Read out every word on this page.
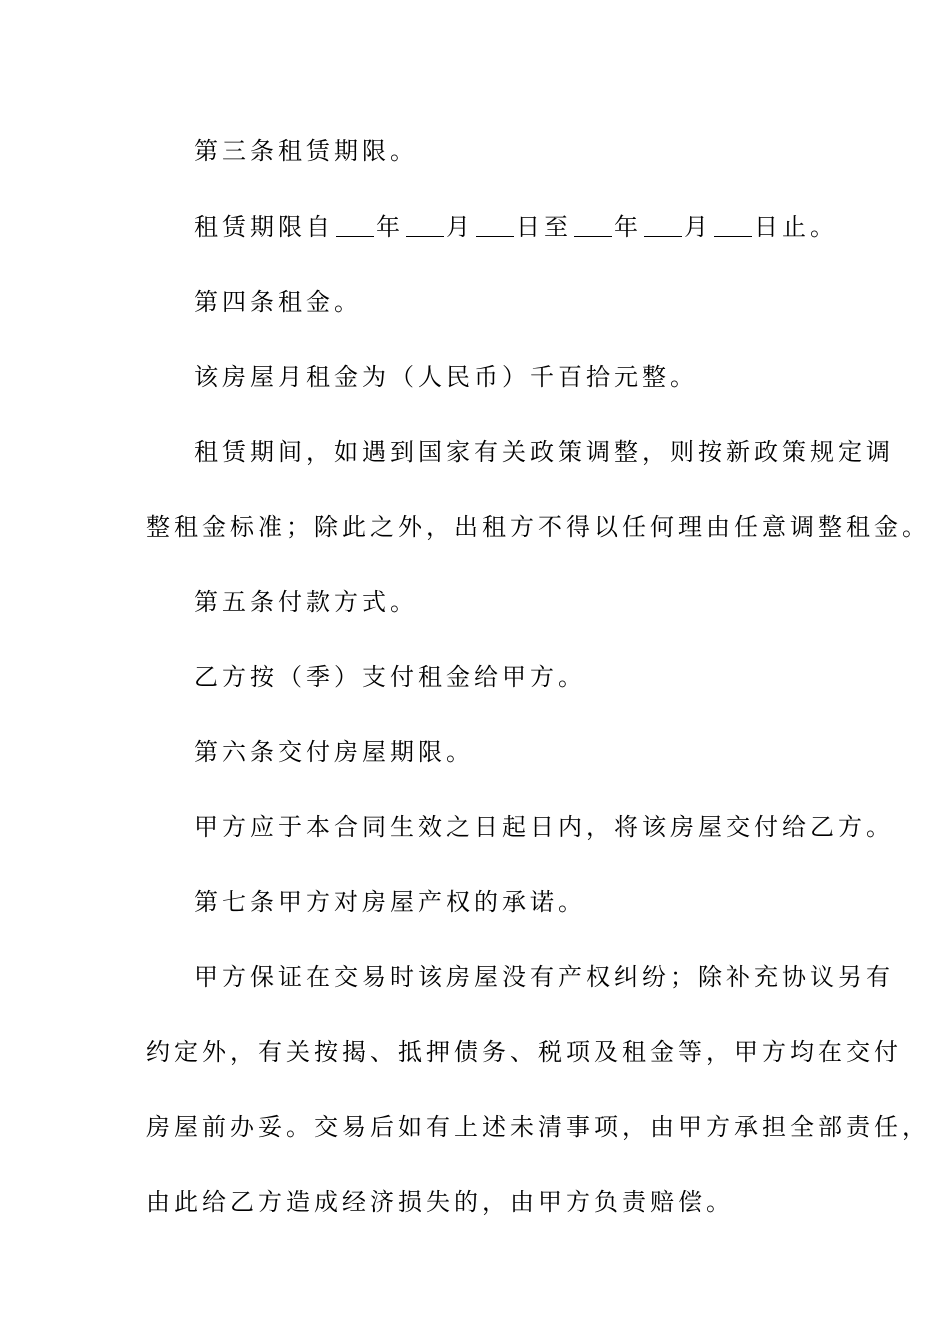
第三条租赁期限。
租赁期限自 年 月 日至 年 月 日止。
第四条租金。
该房屋月租金为（人民币）千百拾元整。
租赁期间，如遇到国家有关政策调整，则按新政策规定调
整租金标准；除此之外，出租方不得以任何理由任意调整租金。
第五条付款方式。
乙方按（季）支付租金给甲方。
第六条交付房屋期限。
甲方应于本合同生效之日起日内，将该房屋交付给乙方。
第七条甲方对房屋产权的承诺。
甲方保证在交易时该房屋没有产权纠纷；除补充协议另有
约定外，有关按揭、抵押债务、税项及租金等，甲方均在交付
房屋前办妥。交易后如有上述未清事项，由甲方承担全部责任，
由此给乙方造成经济损失的，由甲方负责赔偿。
